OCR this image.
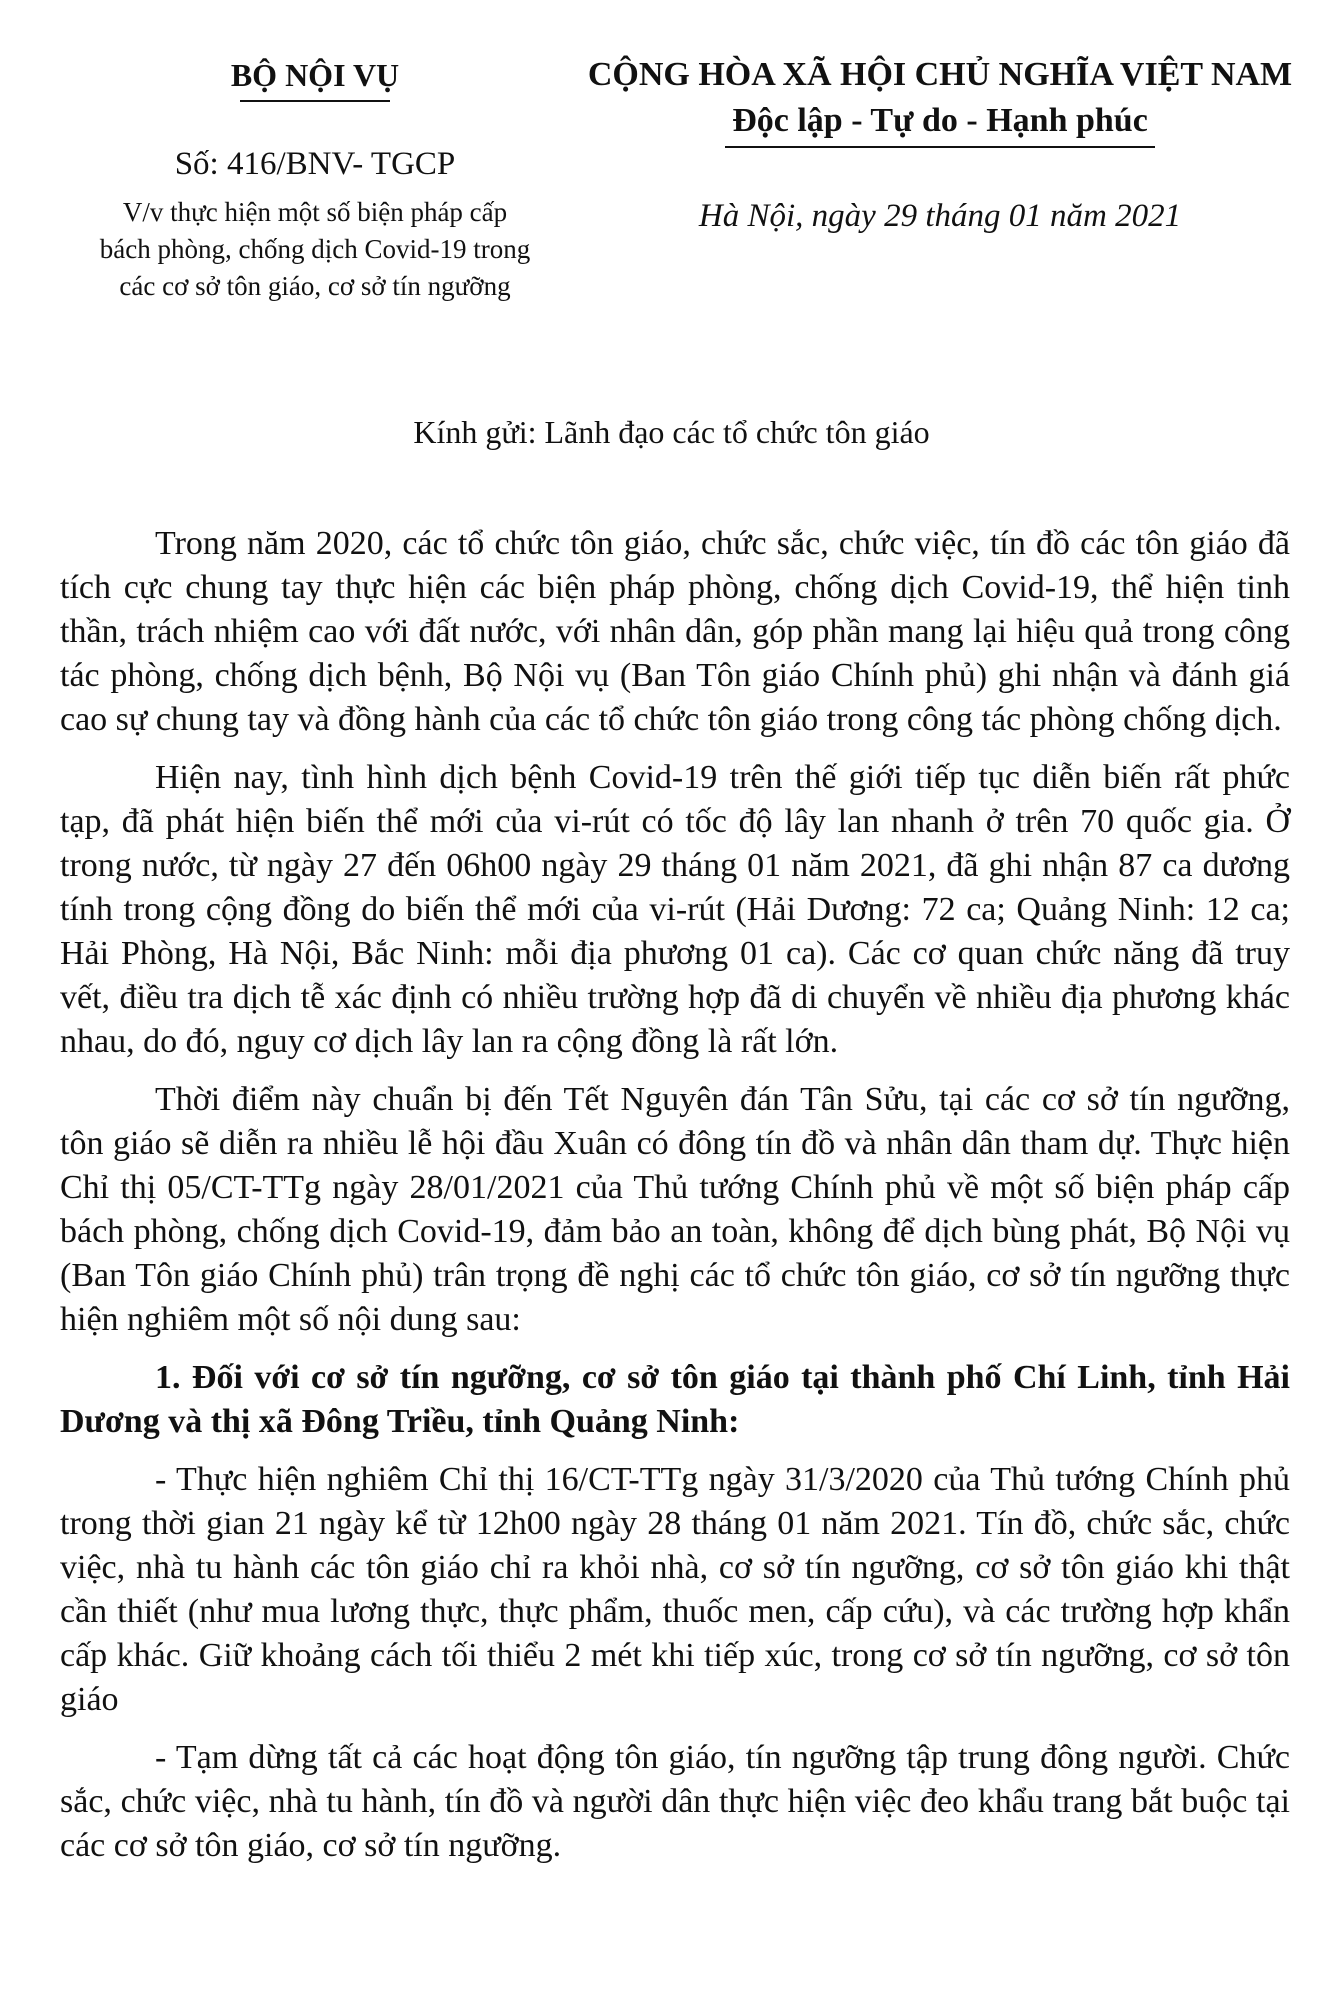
BỘ NỘI VỤ
Số: 416/BNV- TGCP
V/v thực hiện một số biện pháp cấp
bách phòng, chống dịch Covid-19 trong
các cơ sở tôn giáo, cơ sở tín ngưỡng
CỘNG HÒA XÃ HỘI CHỦ NGHĨA VIỆT NAM
Độc lập - Tự do - Hạnh phúc
Hà Nội, ngày 29 tháng 01 năm 2021
Kính gửi: Lãnh đạo các tổ chức tôn giáo

Trong năm 2020, các tổ chức tôn giáo, chức sắc, chức việc, tín đồ các tôn giáo đã tích cực chung tay thực hiện các biện pháp phòng, chống dịch Covid-19, thể hiện tinh thần, trách nhiệm cao với đất nước, với nhân dân, góp phần mang lại hiệu quả trong công tác phòng, chống dịch bệnh, Bộ Nội vụ (Ban Tôn giáo Chính phủ) ghi nhận và đánh giá cao sự chung tay và đồng hành của các tổ chức tôn giáo trong công tác phòng chống dịch.

Hiện nay, tình hình dịch bệnh Covid-19 trên thế giới tiếp tục diễn biến rất phức tạp, đã phát hiện biến thể mới của vi-rút có tốc độ lây lan nhanh ở trên 70 quốc gia. Ở trong nước, từ ngày 27 đến 06h00 ngày 29 tháng 01 năm 2021, đã ghi nhận 87 ca dương tính trong cộng đồng do biến thể mới của vi-rút (Hải Dương: 72 ca; Quảng Ninh: 12 ca; Hải Phòng, Hà Nội, Bắc Ninh: mỗi địa phương 01 ca). Các cơ quan chức năng đã truy vết, điều tra dịch tễ xác định có nhiều trường hợp đã di chuyển về nhiều địa phương khác nhau, do đó, nguy cơ dịch lây lan ra cộng đồng là rất lớn.

Thời điểm này chuẩn bị đến Tết Nguyên đán Tân Sửu, tại các cơ sở tín ngưỡng, tôn giáo sẽ diễn ra nhiều lễ hội đầu Xuân có đông tín đồ và nhân dân tham dự. Thực hiện Chỉ thị 05/CT-TTg ngày 28/01/2021 của Thủ tướng Chính phủ về một số biện pháp cấp bách phòng, chống dịch Covid-19, đảm bảo an toàn, không để dịch bùng phát, Bộ Nội vụ (Ban Tôn giáo Chính phủ) trân trọng đề nghị các tổ chức tôn giáo, cơ sở tín ngưỡng thực hiện nghiêm một số nội dung sau:

1. Đối với cơ sở tín ngưỡng, cơ sở tôn giáo tại thành phố Chí Linh, tỉnh Hải Dương và thị xã Đông Triều, tỉnh Quảng Ninh:

- Thực hiện nghiêm Chỉ thị 16/CT-TTg ngày 31/3/2020 của Thủ tướng Chính phủ trong thời gian 21 ngày kể từ 12h00 ngày 28 tháng 01 năm 2021. Tín đồ, chức sắc, chức việc, nhà tu hành các tôn giáo chỉ ra khỏi nhà, cơ sở tín ngưỡng, cơ sở tôn giáo khi thật cần thiết (như mua lương thực, thực phẩm, thuốc men, cấp cứu), và các trường hợp khẩn cấp khác. Giữ khoảng cách tối thiểu 2 mét khi tiếp xúc, trong cơ sở tín ngưỡng, cơ sở tôn giáo

- Tạm dừng tất cả các hoạt động tôn giáo, tín ngưỡng tập trung đông người. Chức sắc, chức việc, nhà tu hành, tín đồ và người dân thực hiện việc đeo khẩu trang bắt buộc tại các cơ sở tôn giáo, cơ sở tín ngưỡng.
